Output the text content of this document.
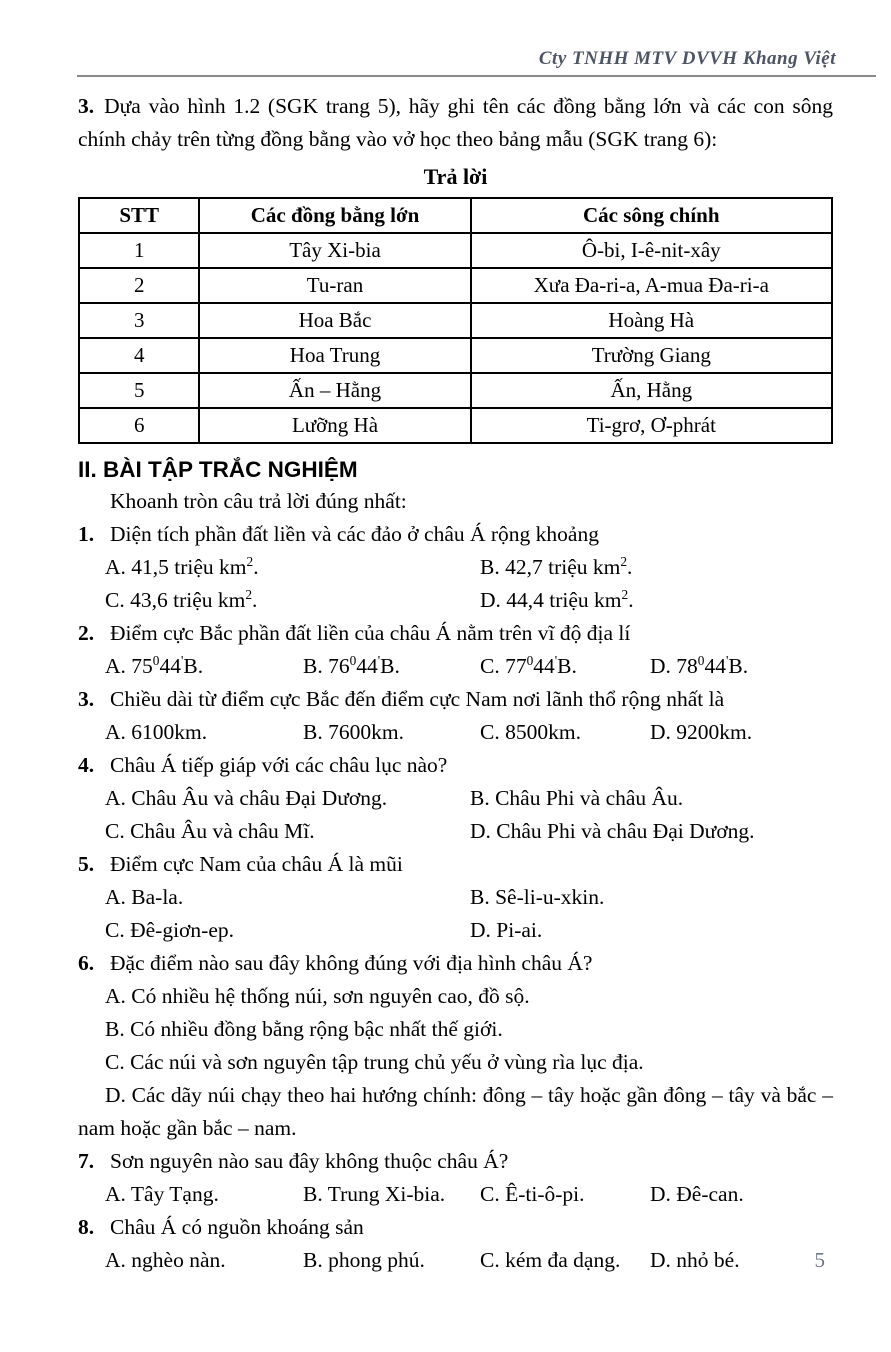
Cty TNHH MTV DVVH Khang Việt

3. Dựa vào hình 1.2 (SGK trang 5), hãy ghi tên các đồng bằng lớn và các con sông chính chảy trên từng đồng bằng vào vở học theo bảng mẫu (SGK trang 6):

Trả lời
STT	Các đồng bằng lớn	Các sông chính
1	Tây Xi-bia	Ô-bi, I-ê-nit-xây
2	Tu-ran	Xưa Đa-ri-a, A-mua Đa-ri-a
3	Hoa Bắc	Hoàng Hà
4	Hoa Trung	Trường Giang
5	Ấn – Hằng	Ấn, Hằng
6	Lưỡng Hà	Ti-grơ, Ơ-phrát
II. BÀI TẬP TRẮC NGHIỆM
Khoanh tròn câu trả lời đúng nhất:
1. Diện tích phần đất liền và các đảo ở châu Á rộng khoảng
A. 41,5 triệu $km^2$.	B. 42,7 triệu $km^2$.
C. 43,6 triệu $km^2$.	D. 44,4 triệu $km^2$.
2. Điểm cực Bắc phần đất liền của châu Á nằm trên vĩ độ địa lí
A. $75^044'B$.	B. $76^044'B$.	C. $77^044'B$.	D. $78^044'B$.
3. Chiều dài từ điểm cực Bắc đến điểm cực Nam nơi lãnh thổ rộng nhất là
A. 6100km.	B. 7600km.	C. 8500km.	D. 9200km.
4. Châu Á tiếp giáp với các châu lục nào?
A. Châu Âu và châu Đại Dương.	B. Châu Phi và châu Âu.
C. Châu Âu và châu Mĩ.	D. Châu Phi và châu Đại Dương.
5. Điểm cực Nam của châu Á là mũi
A. Ba-la.	B. Sê-li-u-xkin.
C. Đê-giơn-ep.	D. Pi-ai.
6. Đặc điểm nào sau đây không đúng với địa hình châu Á?

A. Có nhiều hệ thống núi, sơn nguyên cao, đồ sộ.

B. Có nhiều đồng bằng rộng bậc nhất thế giới.

C. Các núi và sơn nguyên tập trung chủ yếu ở vùng rìa lục địa.

D. Các dãy núi chạy theo hai hướng chính: đông – tây hoặc gần đông – tây và bắc – nam hoặc gần bắc – nam.

7. Sơn nguyên nào sau đây không thuộc châu Á?
A. Tây Tạng.	B. Trung Xi-bia.	C. Ê-ti-ô-pi.	D. Đê-can.
8. Châu Á có nguồn khoáng sản
A. nghèo nàn.	B. phong phú.	C. kém đa dạng.	D. nhỏ bé.	5
